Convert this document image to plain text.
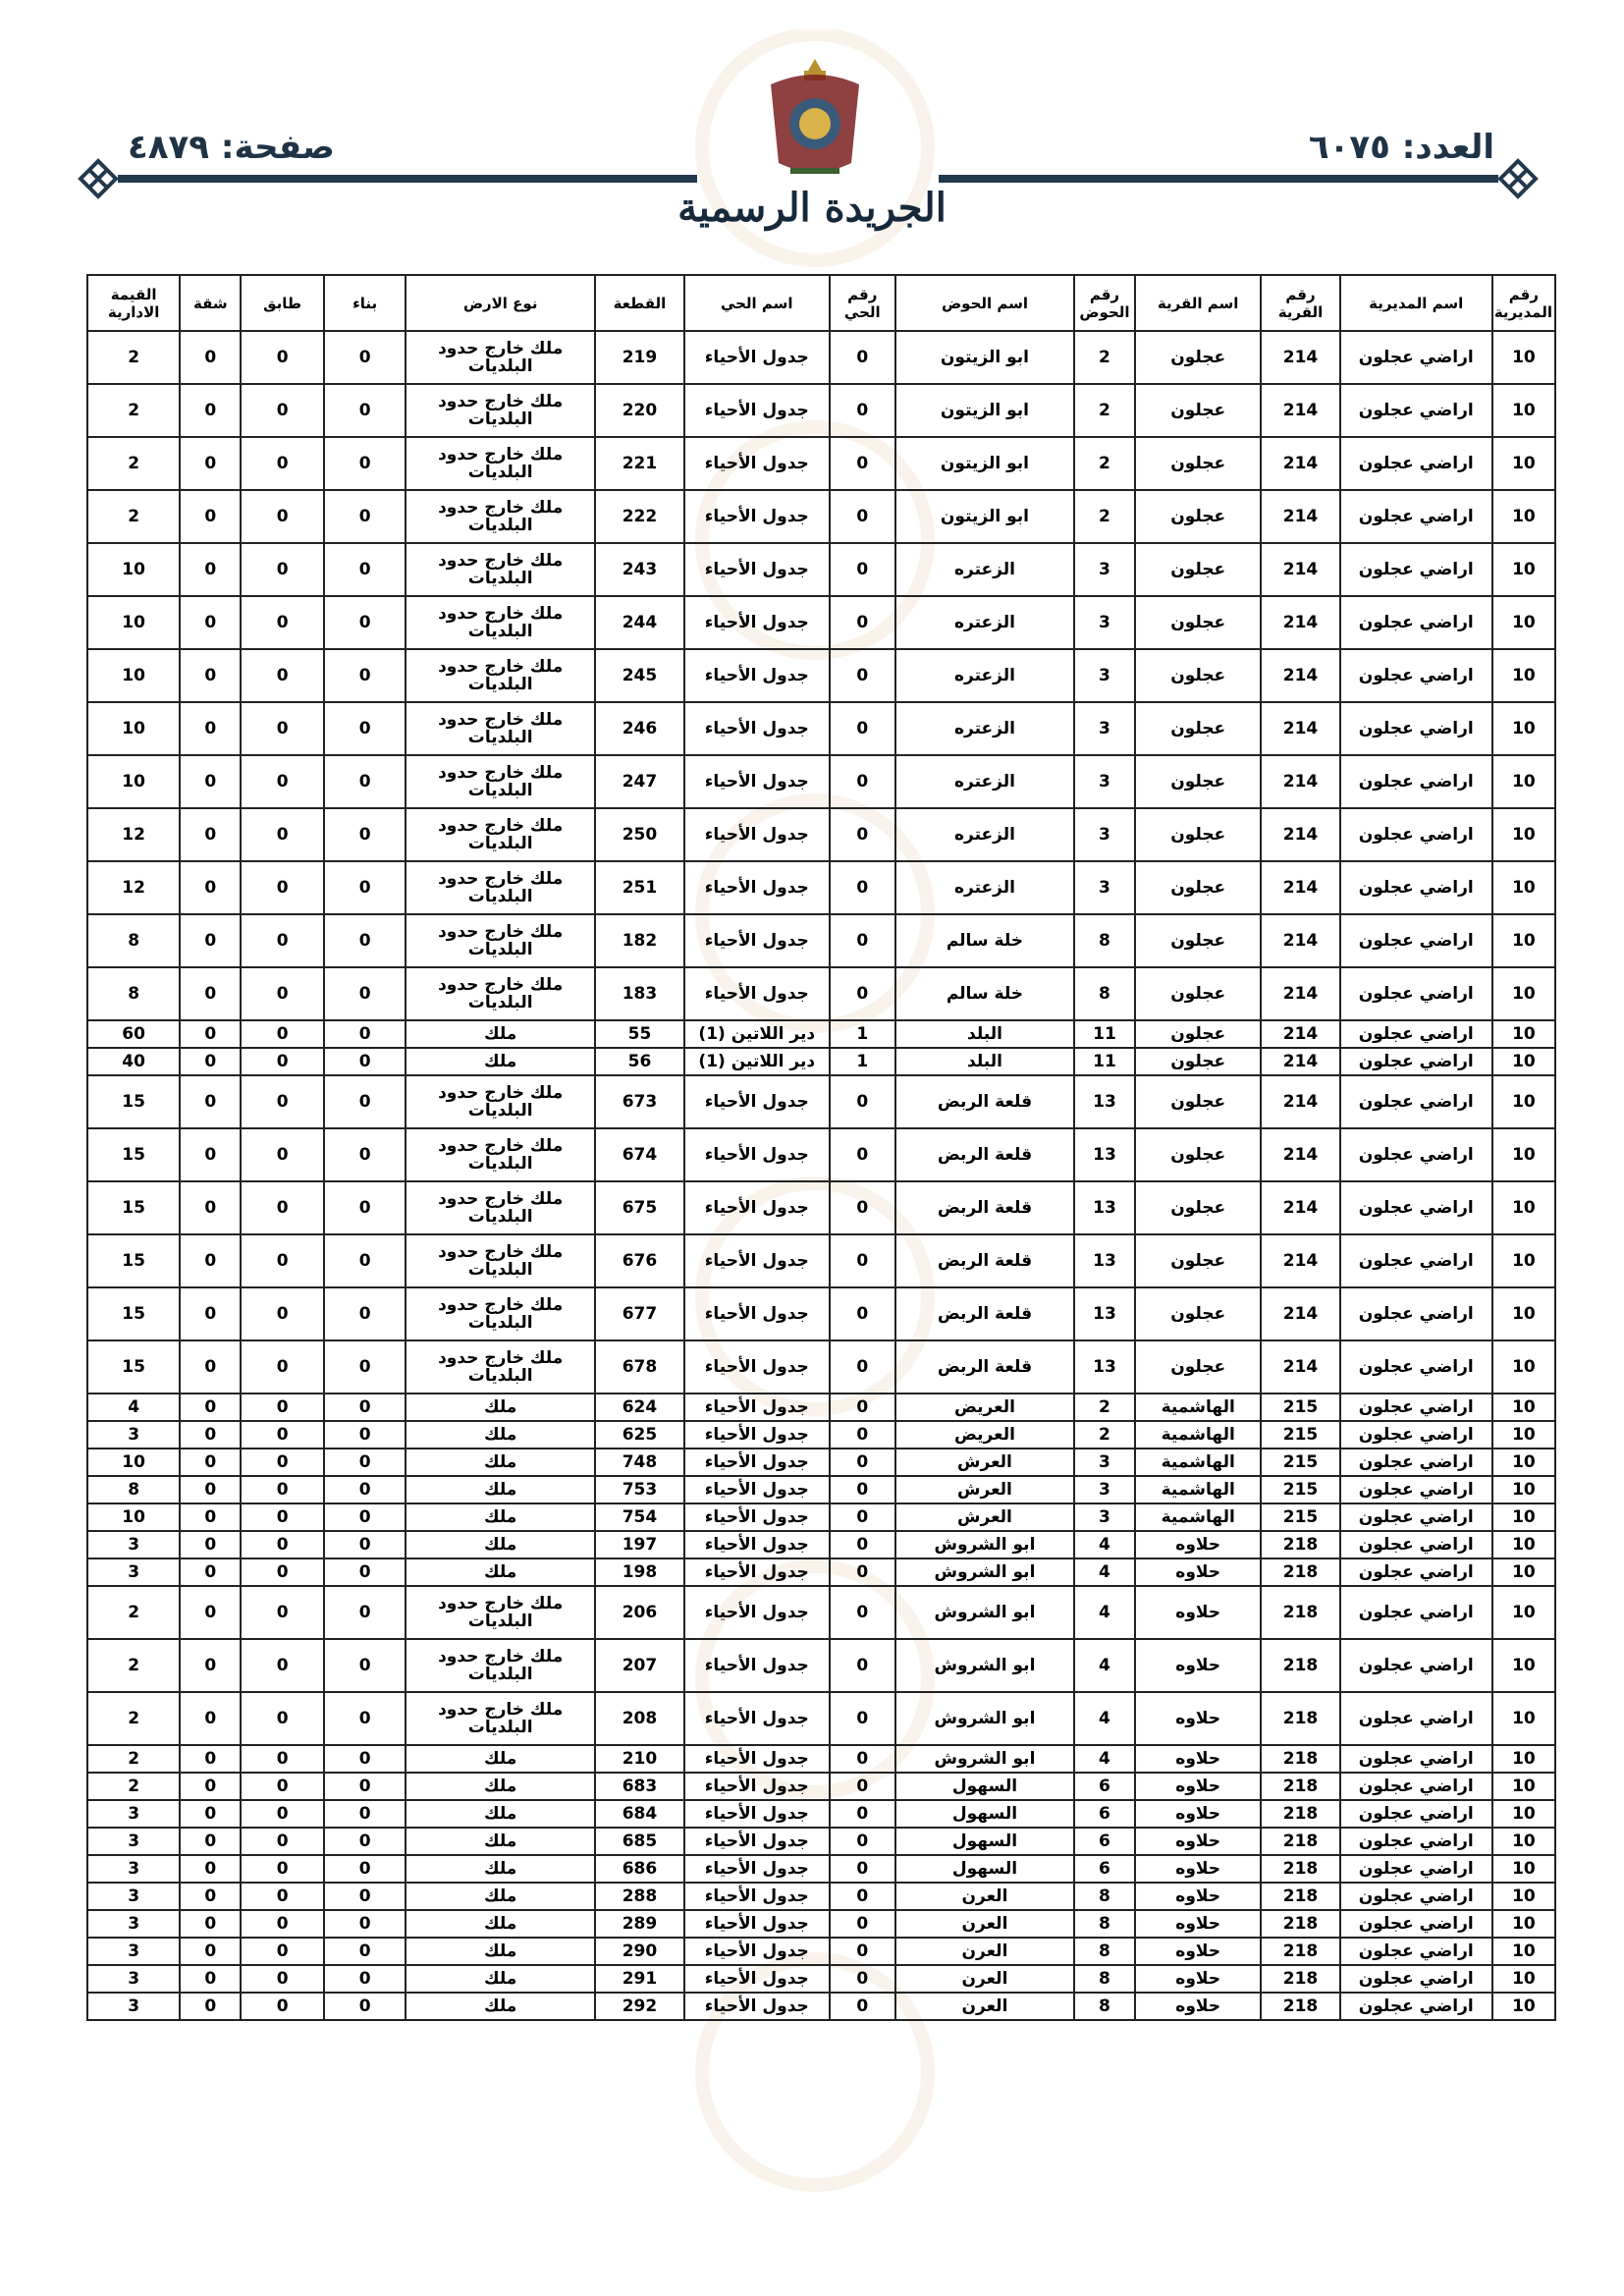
العدد: ٦٠٧٥
صفحة: ٤٨٧٩
الجريدة الرسمية
رقم المديرية	اسم المديرية	رقم القرية	اسم القرية	رقم الحوض	اسم الحوض	رقم الحي	اسم الحي	القطعة	نوع الارض	بناء	طابق	شقة	القيمة الادارية
10	اراضي عجلون	214	عجلون	2	ابو الزيتون	0	جدول الأحياء	219	ملك خارج حدود البلديات	0	0	0	2
10	اراضي عجلون	214	عجلون	2	ابو الزيتون	0	جدول الأحياء	220	ملك خارج حدود البلديات	0	0	0	2
10	اراضي عجلون	214	عجلون	2	ابو الزيتون	0	جدول الأحياء	221	ملك خارج حدود البلديات	0	0	0	2
10	اراضي عجلون	214	عجلون	2	ابو الزيتون	0	جدول الأحياء	222	ملك خارج حدود البلديات	0	0	0	2
10	اراضي عجلون	214	عجلون	3	الزعتره	0	جدول الأحياء	243	ملك خارج حدود البلديات	0	0	0	10
10	اراضي عجلون	214	عجلون	3	الزعتره	0	جدول الأحياء	244	ملك خارج حدود البلديات	0	0	0	10
10	اراضي عجلون	214	عجلون	3	الزعتره	0	جدول الأحياء	245	ملك خارج حدود البلديات	0	0	0	10
10	اراضي عجلون	214	عجلون	3	الزعتره	0	جدول الأحياء	246	ملك خارج حدود البلديات	0	0	0	10
10	اراضي عجلون	214	عجلون	3	الزعتره	0	جدول الأحياء	247	ملك خارج حدود البلديات	0	0	0	10
10	اراضي عجلون	214	عجلون	3	الزعتره	0	جدول الأحياء	250	ملك خارج حدود البلديات	0	0	0	12
10	اراضي عجلون	214	عجلون	3	الزعتره	0	جدول الأحياء	251	ملك خارج حدود البلديات	0	0	0	12
10	اراضي عجلون	214	عجلون	8	خلة سالم	0	جدول الأحياء	182	ملك خارج حدود البلديات	0	0	0	8
10	اراضي عجلون	214	عجلون	8	خلة سالم	0	جدول الأحياء	183	ملك خارج حدود البلديات	0	0	0	8
10	اراضي عجلون	214	عجلون	11	البلد	1	دير اللاتين (1)	55	ملك	0	0	0	60
10	اراضي عجلون	214	عجلون	11	البلد	1	دير اللاتين (1)	56	ملك	0	0	0	40
10	اراضي عجلون	214	عجلون	13	قلعة الربض	0	جدول الأحياء	673	ملك خارج حدود البلديات	0	0	0	15
10	اراضي عجلون	214	عجلون	13	قلعة الربض	0	جدول الأحياء	674	ملك خارج حدود البلديات	0	0	0	15
10	اراضي عجلون	214	عجلون	13	قلعة الربض	0	جدول الأحياء	675	ملك خارج حدود البلديات	0	0	0	15
10	اراضي عجلون	214	عجلون	13	قلعة الربض	0	جدول الأحياء	676	ملك خارج حدود البلديات	0	0	0	15
10	اراضي عجلون	214	عجلون	13	قلعة الربض	0	جدول الأحياء	677	ملك خارج حدود البلديات	0	0	0	15
10	اراضي عجلون	214	عجلون	13	قلعة الربض	0	جدول الأحياء	678	ملك خارج حدود البلديات	0	0	0	15
10	اراضي عجلون	215	الهاشمية	2	العريض	0	جدول الأحياء	624	ملك	0	0	0	4
10	اراضي عجلون	215	الهاشمية	2	العريض	0	جدول الأحياء	625	ملك	0	0	0	3
10	اراضي عجلون	215	الهاشمية	3	العرش	0	جدول الأحياء	748	ملك	0	0	0	10
10	اراضي عجلون	215	الهاشمية	3	العرش	0	جدول الأحياء	753	ملك	0	0	0	8
10	اراضي عجلون	215	الهاشمية	3	العرش	0	جدول الأحياء	754	ملك	0	0	0	10
10	اراضي عجلون	218	حلاوه	4	ابو الشروش	0	جدول الأحياء	197	ملك	0	0	0	3
10	اراضي عجلون	218	حلاوه	4	ابو الشروش	0	جدول الأحياء	198	ملك	0	0	0	3
10	اراضي عجلون	218	حلاوه	4	ابو الشروش	0	جدول الأحياء	206	ملك خارج حدود البلديات	0	0	0	2
10	اراضي عجلون	218	حلاوه	4	ابو الشروش	0	جدول الأحياء	207	ملك خارج حدود البلديات	0	0	0	2
10	اراضي عجلون	218	حلاوه	4	ابو الشروش	0	جدول الأحياء	208	ملك خارج حدود البلديات	0	0	0	2
10	اراضي عجلون	218	حلاوه	4	ابو الشروش	0	جدول الأحياء	210	ملك	0	0	0	2
10	اراضي عجلون	218	حلاوه	6	السهول	0	جدول الأحياء	683	ملك	0	0	0	2
10	اراضي عجلون	218	حلاوه	6	السهول	0	جدول الأحياء	684	ملك	0	0	0	3
10	اراضي عجلون	218	حلاوه	6	السهول	0	جدول الأحياء	685	ملك	0	0	0	3
10	اراضي عجلون	218	حلاوه	6	السهول	0	جدول الأحياء	686	ملك	0	0	0	3
10	اراضي عجلون	218	حلاوه	8	العرن	0	جدول الأحياء	288	ملك	0	0	0	3
10	اراضي عجلون	218	حلاوه	8	العرن	0	جدول الأحياء	289	ملك	0	0	0	3
10	اراضي عجلون	218	حلاوه	8	العرن	0	جدول الأحياء	290	ملك	0	0	0	3
10	اراضي عجلون	218	حلاوه	8	العرن	0	جدول الأحياء	291	ملك	0	0	0	3
10	اراضي عجلون	218	حلاوه	8	العرن	0	جدول الأحياء	292	ملك	0	0	0	3
